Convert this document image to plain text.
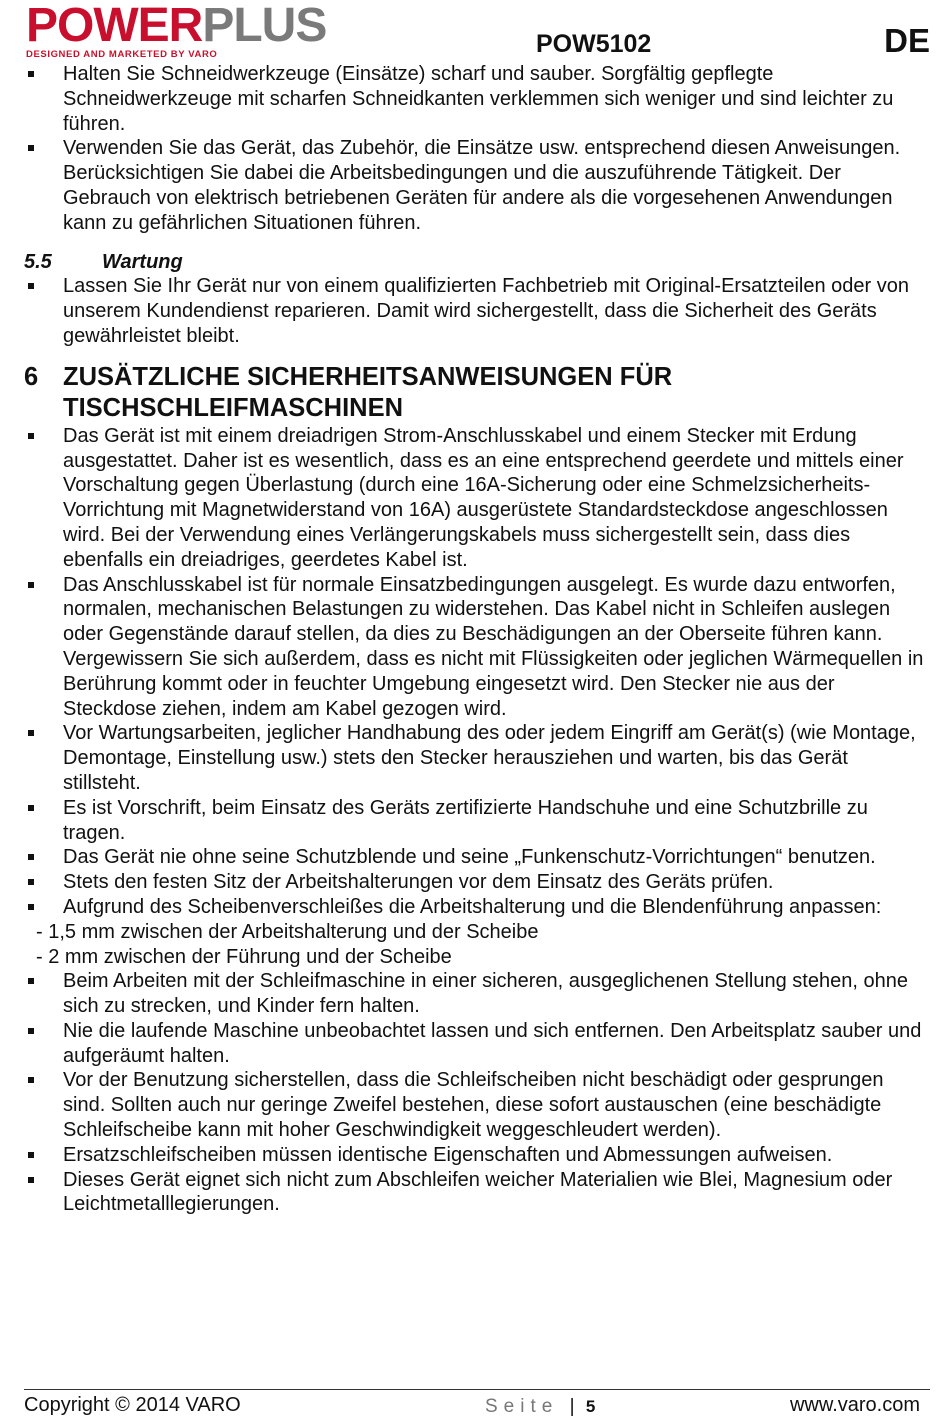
POWERPLUS
DESIGNED AND MARKETED BY VARO	POW5102	DE
Halten Sie Schneidwerkzeuge (Einsätze) scharf und sauber. Sorgfältig gepflegte Schneidwerkzeuge mit scharfen Schneidkanten verklemmen sich weniger und sind leichter zu führen.
Verwenden Sie das Gerät, das Zubehör, die Einsätze usw. entsprechend diesen Anweisungen. Berücksichtigen Sie dabei die Arbeitsbedingungen und die auszuführende Tätigkeit. Der Gebrauch von elektrisch betriebenen Geräten für andere als die vorgesehenen Anwendungen kann zu gefährlichen Situationen führen.
5.5	Wartung
Lassen Sie Ihr Gerät nur von einem qualifizierten Fachbetrieb mit Original-Ersatzteilen oder von unserem Kundendienst reparieren. Damit wird sichergestellt, dass die Sicherheit des Geräts gewährleistet bleibt.
6 ZUSÄTZLICHE SICHERHEITSANWEISUNGEN FÜR TISCHSCHLEIFMASCHINEN
Das Gerät ist mit einem dreiadrigen Strom-Anschlusskabel und einem Stecker mit Erdung ausgestattet. Daher ist es wesentlich, dass es an eine entsprechend geerdete und mittels einer Vorschaltung gegen Überlastung (durch eine 16A-Sicherung oder eine Schmelzsicherheits-Vorrichtung mit Magnetwiderstand von 16A) ausgerüstete Standardsteckdose angeschlossen wird. Bei der Verwendung eines Verlängerungskabels muss sichergestellt sein, dass dies ebenfalls ein dreiadriges, geerdetes Kabel ist.
Das Anschlusskabel ist für normale Einsatzbedingungen ausgelegt. Es wurde dazu entworfen, normalen, mechanischen Belastungen zu widerstehen. Das Kabel nicht in Schleifen auslegen oder Gegenstände darauf stellen, da dies zu Beschädigungen an der Oberseite führen kann. Vergewissern Sie sich außerdem, dass es nicht mit Flüssigkeiten oder jeglichen Wärmequellen in Berührung kommt oder in feuchter Umgebung eingesetzt wird. Den Stecker nie aus der Steckdose ziehen, indem am Kabel gezogen wird.
Vor Wartungsarbeiten, jeglicher Handhabung des oder jedem Eingriff am Gerät(s) (wie Montage, Demontage, Einstellung usw.) stets den Stecker herausziehen und warten, bis das Gerät stillsteht.
Es ist Vorschrift, beim Einsatz des Geräts zertifizierte Handschuhe und eine Schutzbrille zu tragen.
Das Gerät nie ohne seine Schutzblende und seine „Funkenschutz-Vorrichtungen“ benutzen.
Stets den festen Sitz der Arbeitshalterungen vor dem Einsatz des Geräts prüfen.
Aufgrund des Scheibenverschleißes die Arbeitshalterung und die Blendenführung anpassen:
- 1,5 mm zwischen der Arbeitshalterung und der Scheibe
- 2 mm zwischen der Führung und der Scheibe
Beim Arbeiten mit der Schleifmaschine in einer sicheren, ausgeglichenen Stellung stehen, ohne sich zu strecken, und Kinder fern halten.
Nie die laufende Maschine unbeobachtet lassen und sich entfernen. Den Arbeitsplatz sauber und aufgeräumt halten.
Vor der Benutzung sicherstellen, dass die Schleifscheiben nicht beschädigt oder gesprungen sind. Sollten auch nur geringe Zweifel bestehen, diese sofort austauschen (eine beschädigte Schleifscheibe kann mit hoher Geschwindigkeit weggeschleudert werden).
Ersatzschleifscheiben müssen identische Eigenschaften und Abmessungen aufweisen.
Dieses Gerät eignet sich nicht zum Abschleifen weicher Materialien wie Blei, Magnesium oder Leichtmetalllegierungen.
Copyright © 2014 VARO	Seite | 5	www.varo.com
